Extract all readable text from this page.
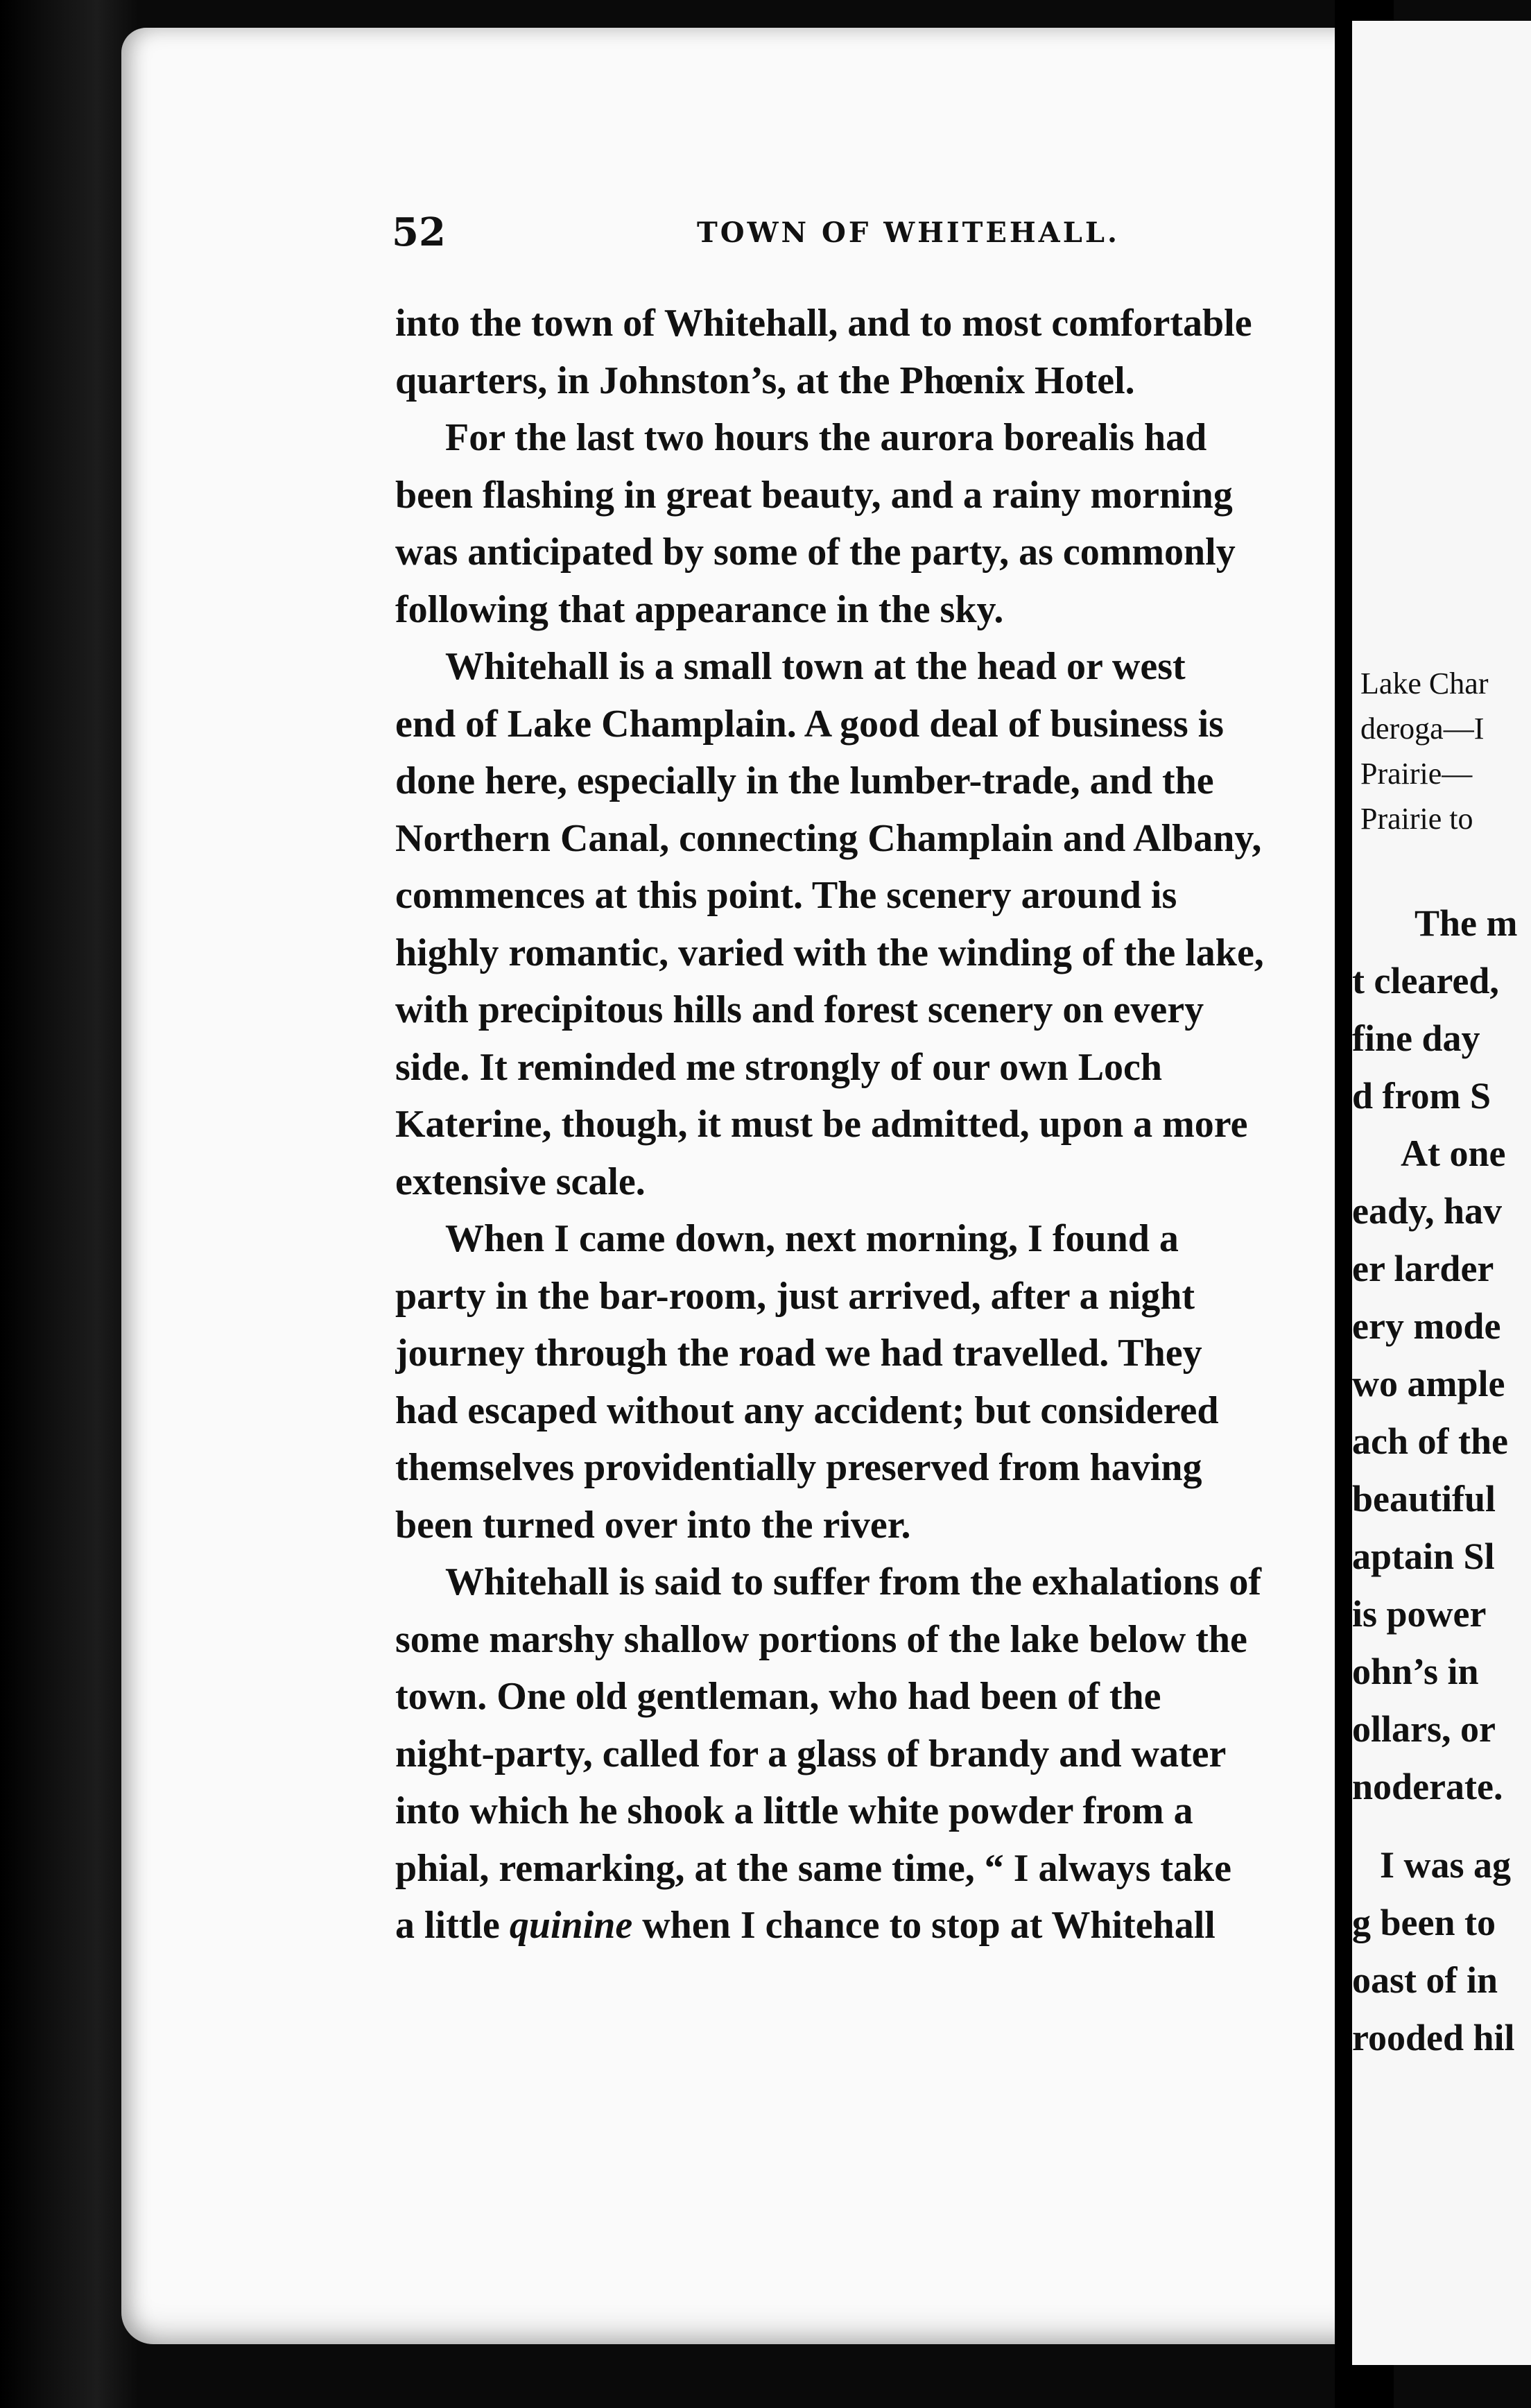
52	TOWN OF WHITEHALL.
into the town of Whitehall, and to most comfortable
quarters, in Johnston’s, at the Phœnix Hotel.
For the last two hours the aurora borealis had
been flashing in great beauty, and a rainy morning
was anticipated by some of the party, as commonly
following that appearance in the sky.
Whitehall is a small town at the head or west
end of Lake Champlain. A good deal of business is
done here, especially in the lumber-trade, and the
Northern Canal, connecting Champlain and Albany,
commences at this point. The scenery around is
highly romantic, varied with the winding of the lake,
with precipitous hills and forest scenery on every
side. It reminded me strongly of our own Loch
Katerine, though, it must be admitted, upon a more
extensive scale.
When I came down, next morning, I found a
party in the bar-room, just arrived, after a night
journey through the road we had travelled. They
had escaped without any accident; but considered
themselves providentially preserved from having
been turned over into the river.
Whitehall is said to suffer from the exhalations of
some marshy shallow portions of the lake below the
town. One old gentleman, who had been of the
night-party, called for a glass of brandy and water
into which he shook a little white powder from a
phial, remarking, at the same time, “ I always take
a little quinine when I chance to stop at Whitehall
Lake Char
deroga—I
Prairie—
Prairie to
The m
t cleared,
fine day
d from S
At one
eady, hav
er larder
ery mode
wo ample
ach of the
beautiful
aptain Sl
is power
ohn’s in
ollars, or
noderate.
I was ag
g been to
oast of in
rooded hil
